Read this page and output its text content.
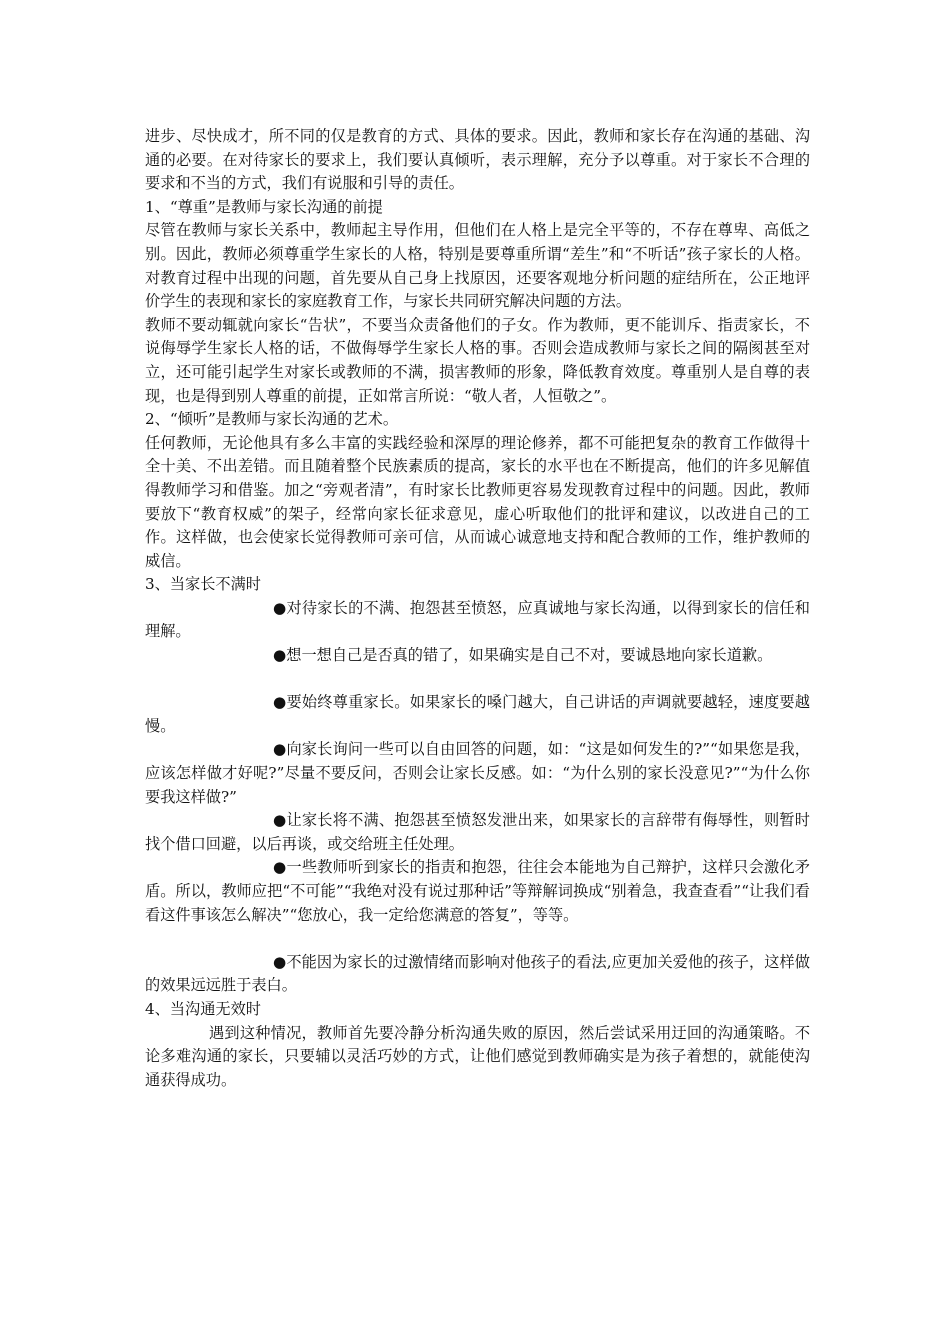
进步、尽快成才，所不同的仅是教育的方式、具体的要求。因此，教师和家长存在沟通的基础、沟通的必要。在对待家长的要求上，我们要认真倾听，表示理解，充分予以尊重。对于家长不合理的要求和不当的方式，我们有说服和引导的责任。

1、“尊重”是教师与家长沟通的前提

尽管在教师与家长关系中，教师起主导作用，但他们在人格上是完全平等的，不存在尊卑、高低之别。因此，教师必须尊重学生家长的人格，特别是要尊重所谓“差生”和“不听话”孩子家长的人格。对教育过程中出现的问题，首先要从自己身上找原因，还要客观地分析问题的症结所在，公正地评价学生的表现和家长的家庭教育工作，与家长共同研究解决问题的方法。

教师不要动辄就向家长“告状”，不要当众责备他们的子女。作为教师，更不能训斥、指责家长，不说侮辱学生家长人格的话，不做侮辱学生家长人格的事。否则会造成教师与家长之间的隔阂甚至对立，还可能引起学生对家长或教师的不满，损害教师的形象，降低教育效度。尊重别人是自尊的表现，也是得到别人尊重的前提，正如常言所说：“敬人者，人恒敬之”。

2、“倾听”是教师与家长沟通的艺术。

任何教师，无论他具有多么丰富的实践经验和深厚的理论修养，都不可能把复杂的教育工作做得十全十美、不出差错。而且随着整个民族素质的提高，家长的水平也在不断提高，他们的许多见解值得教师学习和借鉴。加之“旁观者清”，有时家长比教师更容易发现教育过程中的问题。因此，教师要放下“教育权威”的架子，经常向家长征求意见，虚心听取他们的批评和建议，以改进自己的工作。这样做，也会使家长觉得教师可亲可信，从而诚心诚意地支持和配合教师的工作，维护教师的威信。

3、当家长不满时

●对待家长的不满、抱怨甚至愤怒，应真诚地与家长沟通，以得到家长的信任和理解。

●想一想自己是否真的错了，如果确实是自己不对，要诚恳地向家长道歉。

●要始终尊重家长。如果家长的嗓门越大，自己讲话的声调就要越轻，速度要越慢。

●向家长询问一些可以自由回答的问题，如：“这是如何发生的?”“如果您是我，应该怎样做才好呢?”尽量不要反问，否则会让家长反感。如：“为什么别的家长没意见?”“为什么你要我这样做?”

●让家长将不满、抱怨甚至愤怒发泄出来，如果家长的言辞带有侮辱性，则暂时找个借口回避，以后再谈，或交给班主任处理。

●一些教师听到家长的指责和抱怨，往往会本能地为自己辩护，这样只会激化矛盾。所以，教师应把“不可能”“我绝对没有说过那种话”等辩解词换成“别着急，我查查看”“让我们看看这件事该怎么解决”“您放心，我一定给您满意的答复”，等等。

●不能因为家长的过激情绪而影响对他孩子的看法,应更加关爱他的孩子，这样做的效果远远胜于表白。

4、当沟通无效时

遇到这种情况，教师首先要冷静分析沟通失败的原因，然后尝试采用迂回的沟通策略。不论多难沟通的家长，只要辅以灵活巧妙的方式，让他们感觉到教师确实是为孩子着想的，就能使沟通获得成功。
